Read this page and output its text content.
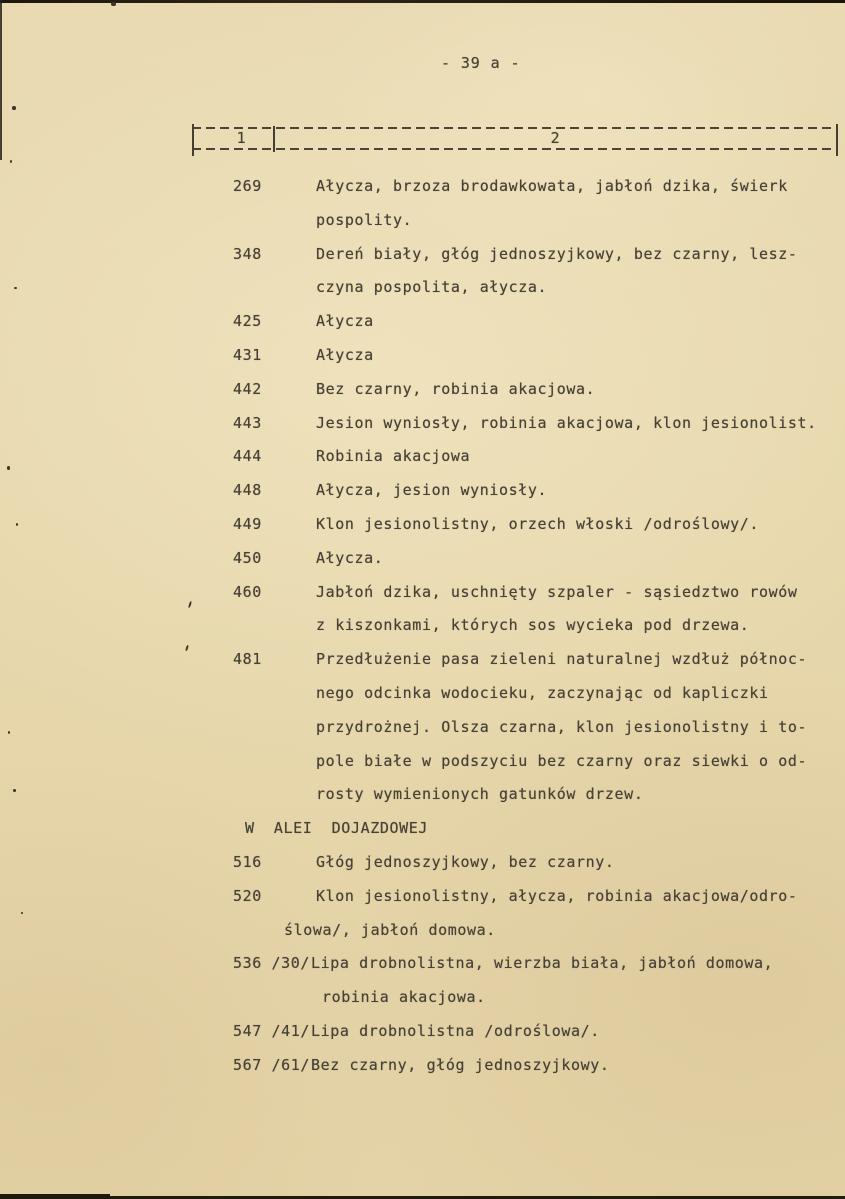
- 39 a -
1	2
269	Ałycza, brzoza brodawkowata, jabłoń dzika, świerk
pospolity.
348	Dereń biały, głóg jednoszyjkowy, bez czarny, lesz-
czyna pospolita, ałycza.
425	Ałycza
431	Ałycza
442	Bez czarny, robinia akacjowa.
443	Jesion wyniosły, robinia akacjowa, klon jesionolist.
444	Robinia akacjowa
448	Ałycza, jesion wyniosły.
449	Klon jesionolistny, orzech włoski /odroślowy/.
450	Ałycza.
460	Jabłoń dzika, uschnięty szpaler - sąsiedztwo rowów
z kiszonkami, których sos wycieka pod drzewa.
481	Przedłużenie pasa zieleni naturalnej wzdłuż północ-
nego odcinka wodocieku, zaczynając od kapliczki
przydrożnej. Olsza czarna, klon jesionolistny i to-
pole białe w podszyciu bez czarny oraz siewki o od-
rosty wymienionych gatunków drzew.
W  ALEI  DOJAZDOWEJ
516	Głóg jednoszyjkowy, bez czarny.
520	Klon jesionolistny, ałycza, robinia akacjowa/odro-
ślowa/, jabłoń domowa.
536 /30/ Lipa drobnolistna, wierzba biała, jabłoń domowa,
robinia akacjowa.
547 /41/ Lipa drobnolistna /odroślowa/.
567 /61/ Bez czarny, głóg jednoszyjkowy.
